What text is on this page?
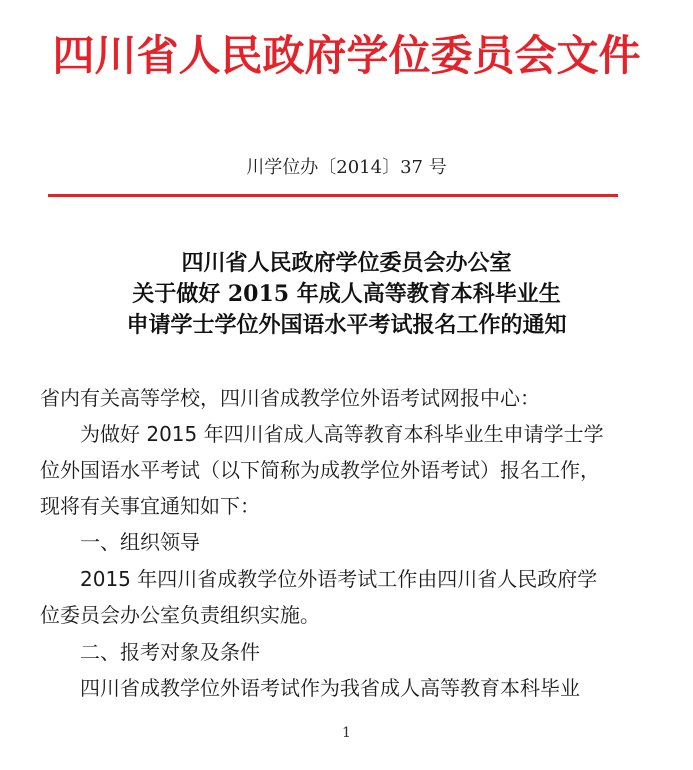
四川省人民政府学位委员会文件
川学位办〔2014〕37 号
四川省人民政府学位委员会办公室
关于做好 2015 年成人高等教育本科毕业生
申请学士学位外国语水平考试报名工作的通知
省内有关高等学校，四川省成教学位外语考试网报中心：
　　为做好 2015 年四川省成人高等教育本科毕业生申请学士学
位外国语水平考试（以下简称为成教学位外语考试）报名工作，
现将有关事宜通知如下：
　　一、组织领导
　　2015 年四川省成教学位外语考试工作由四川省人民政府学
位委员会办公室负责组织实施。
　　二、报考对象及条件
　　四川省成教学位外语考试作为我省成人高等教育本科毕业
1
